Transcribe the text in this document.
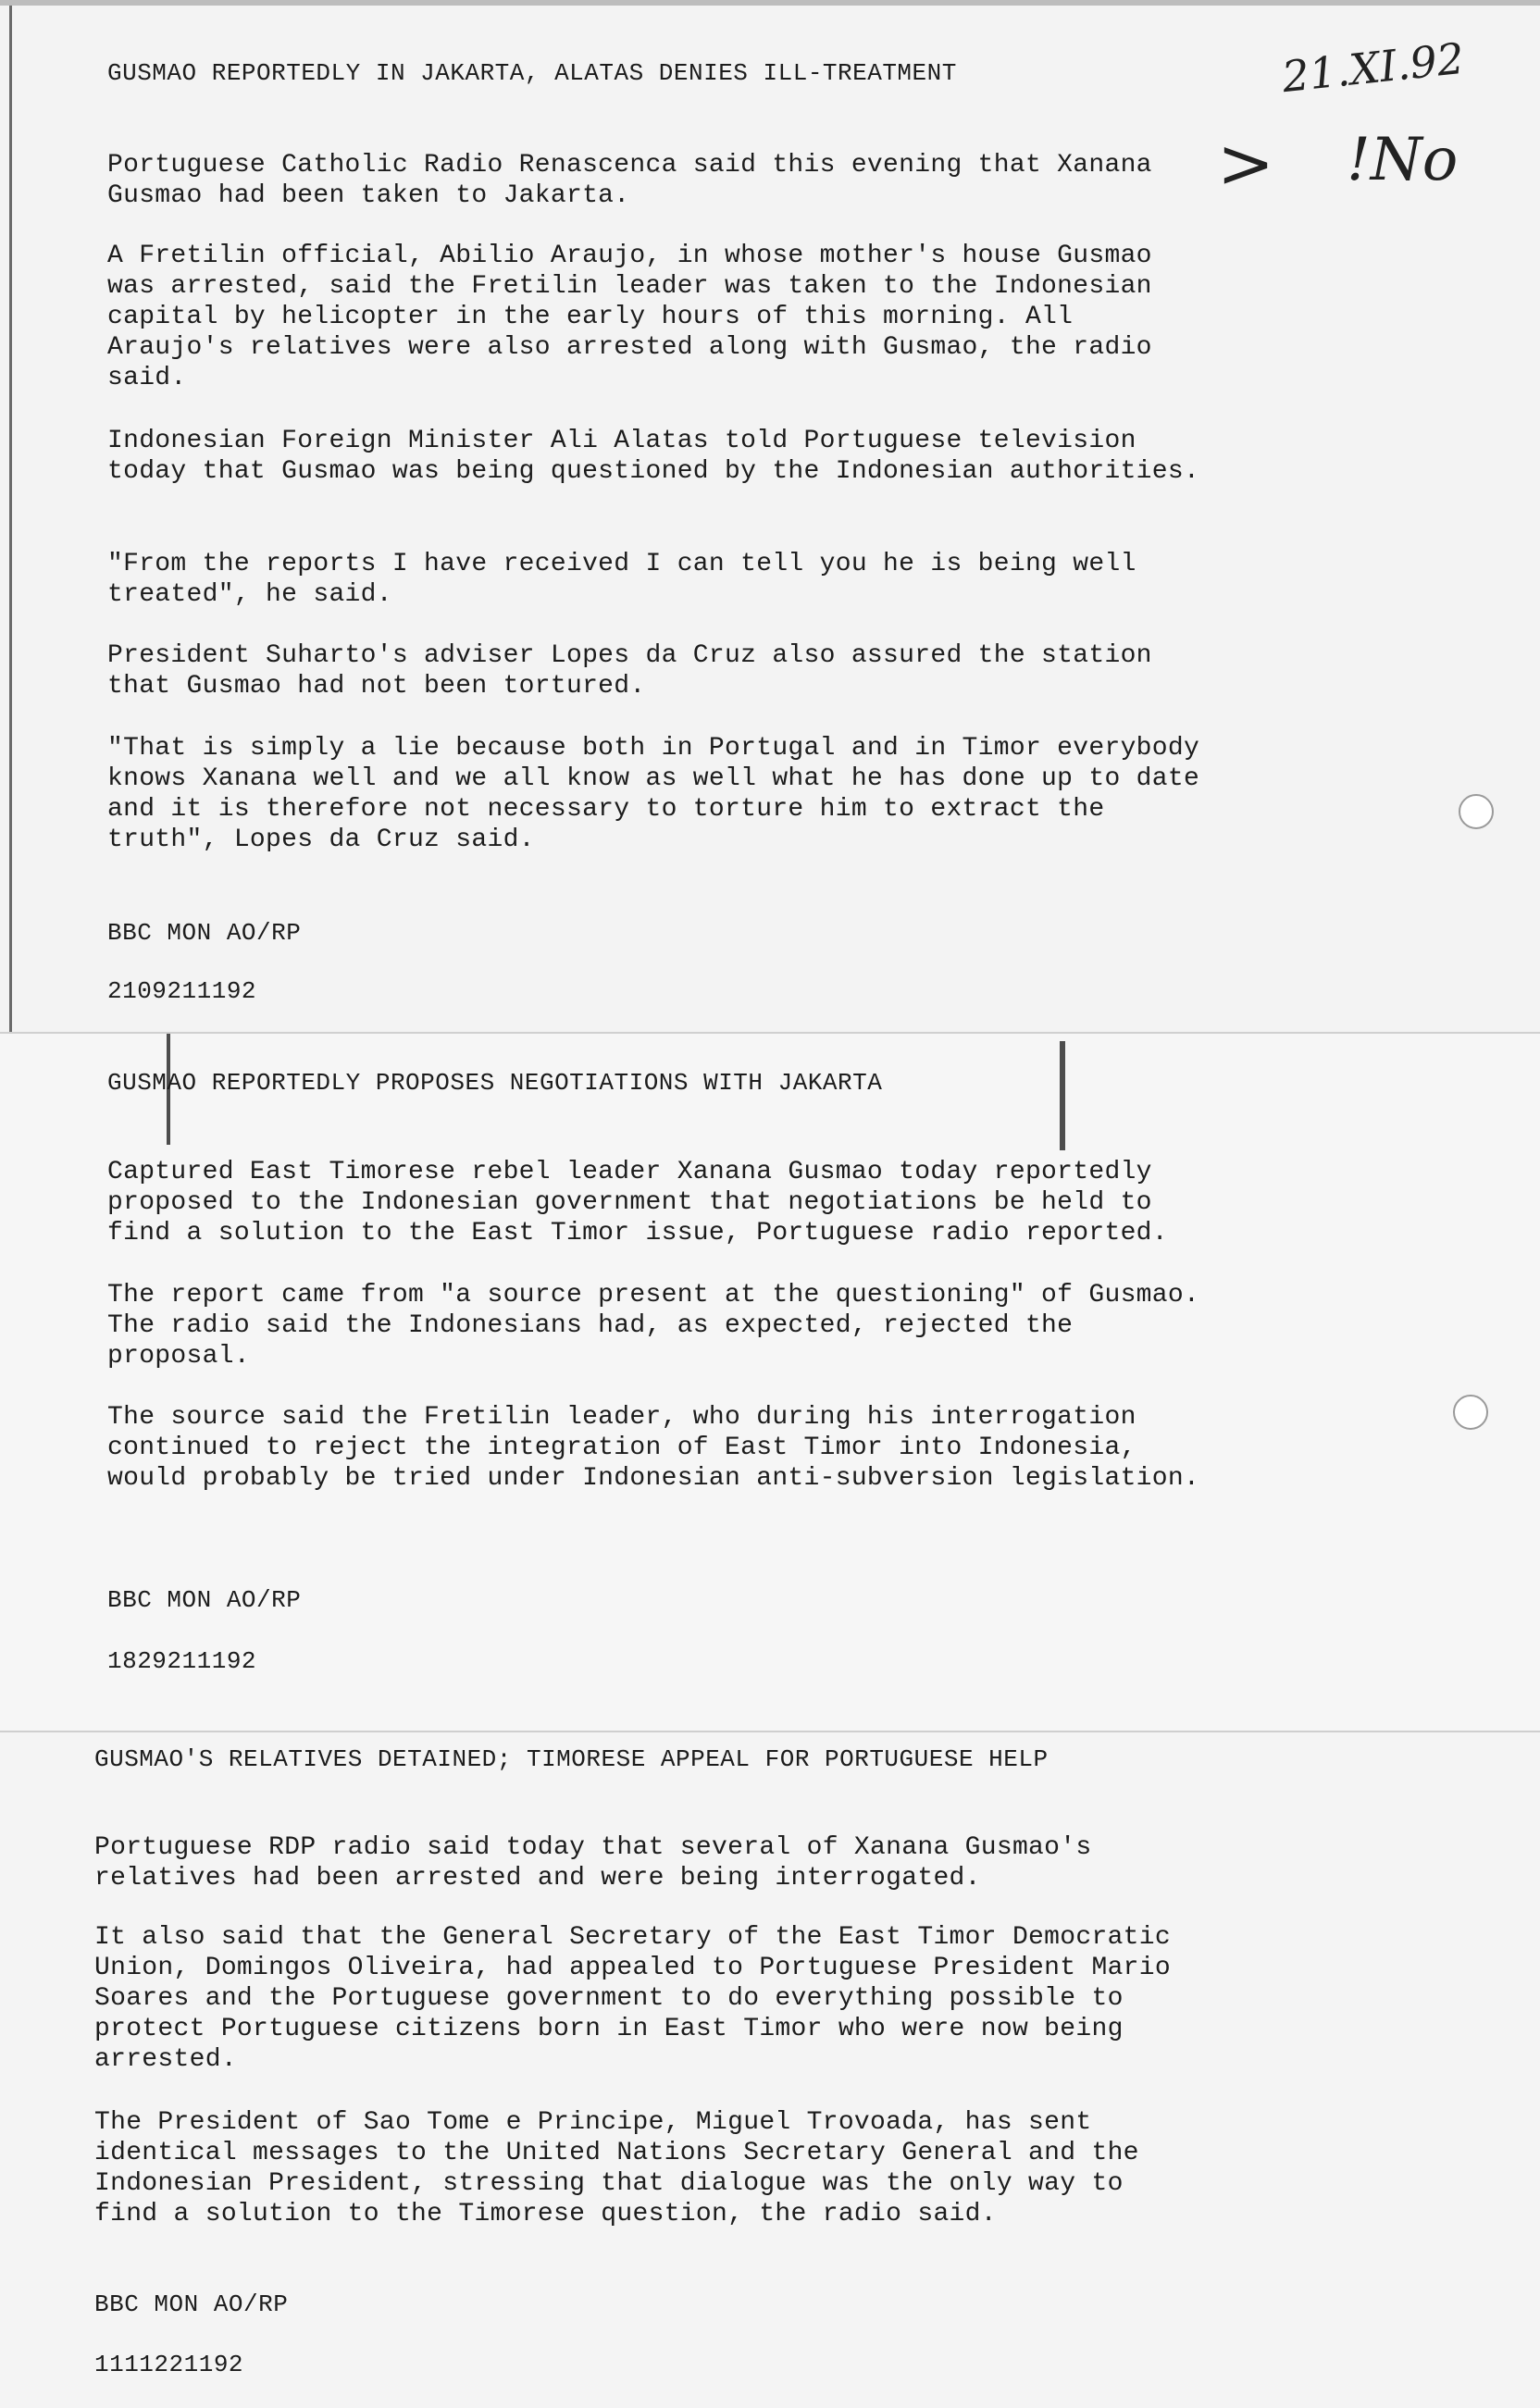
GUSMAO REPORTEDLY IN JAKARTA, ALATAS DENIES ILL-TREATMENT	21.XI.92
> !No

Portuguese Catholic Radio Renascenca said this evening that Xanana
Gusmao had been taken to Jakarta.

A Fretilin official, Abilio Araujo, in whose mother's house Gusmao
was arrested, said the Fretilin leader was taken to the Indonesian
capital by helicopter in the early hours of this morning. All
Araujo's relatives were also arrested along with Gusmao, the radio
said.

Indonesian Foreign Minister Ali Alatas told Portuguese television
today that Gusmao was being questioned by the Indonesian authorities.

"From the reports I have received I can tell you he is being well
treated", he said.

President Suharto's adviser Lopes da Cruz also assured the station
that Gusmao had not been tortured.

"That is simply a lie because both in Portugal and in Timor everybody
knows Xanana well and we all know as well what he has done up to date
and it is therefore not necessary to torture him to extract the
truth", Lopes da Cruz said.

BBC MON AO/RP

2109211192

GUSMAO REPORTEDLY PROPOSES NEGOTIATIONS WITH JAKARTA

Captured East Timorese rebel leader Xanana Gusmao today reportedly
proposed to the Indonesian government that negotiations be held to
find a solution to the East Timor issue, Portuguese radio reported.

The report came from "a source present at the questioning" of Gusmao.
The radio said the Indonesians had, as expected, rejected the
proposal.

The source said the Fretilin leader, who during his interrogation
continued to reject the integration of East Timor into Indonesia,
would probably be tried under Indonesian anti-subversion legislation.

BBC MON AO/RP

1829211192

GUSMAO'S RELATIVES DETAINED; TIMORESE APPEAL FOR PORTUGUESE HELP

Portuguese RDP radio said today that several of Xanana Gusmao's
relatives had been arrested and were being interrogated.

It also said that the General Secretary of the East Timor Democratic
Union, Domingos Oliveira, had appealed to Portuguese President Mario
Soares and the Portuguese government to do everything possible to
protect Portuguese citizens born in East Timor who were now being
arrested.

The President of Sao Tome e Principe, Miguel Trovoada, has sent
identical messages to the United Nations Secretary General and the
Indonesian President, stressing that dialogue was the only way to
find a solution to the Timorese question, the radio said.

BBC MON AO/RP

1111221192
